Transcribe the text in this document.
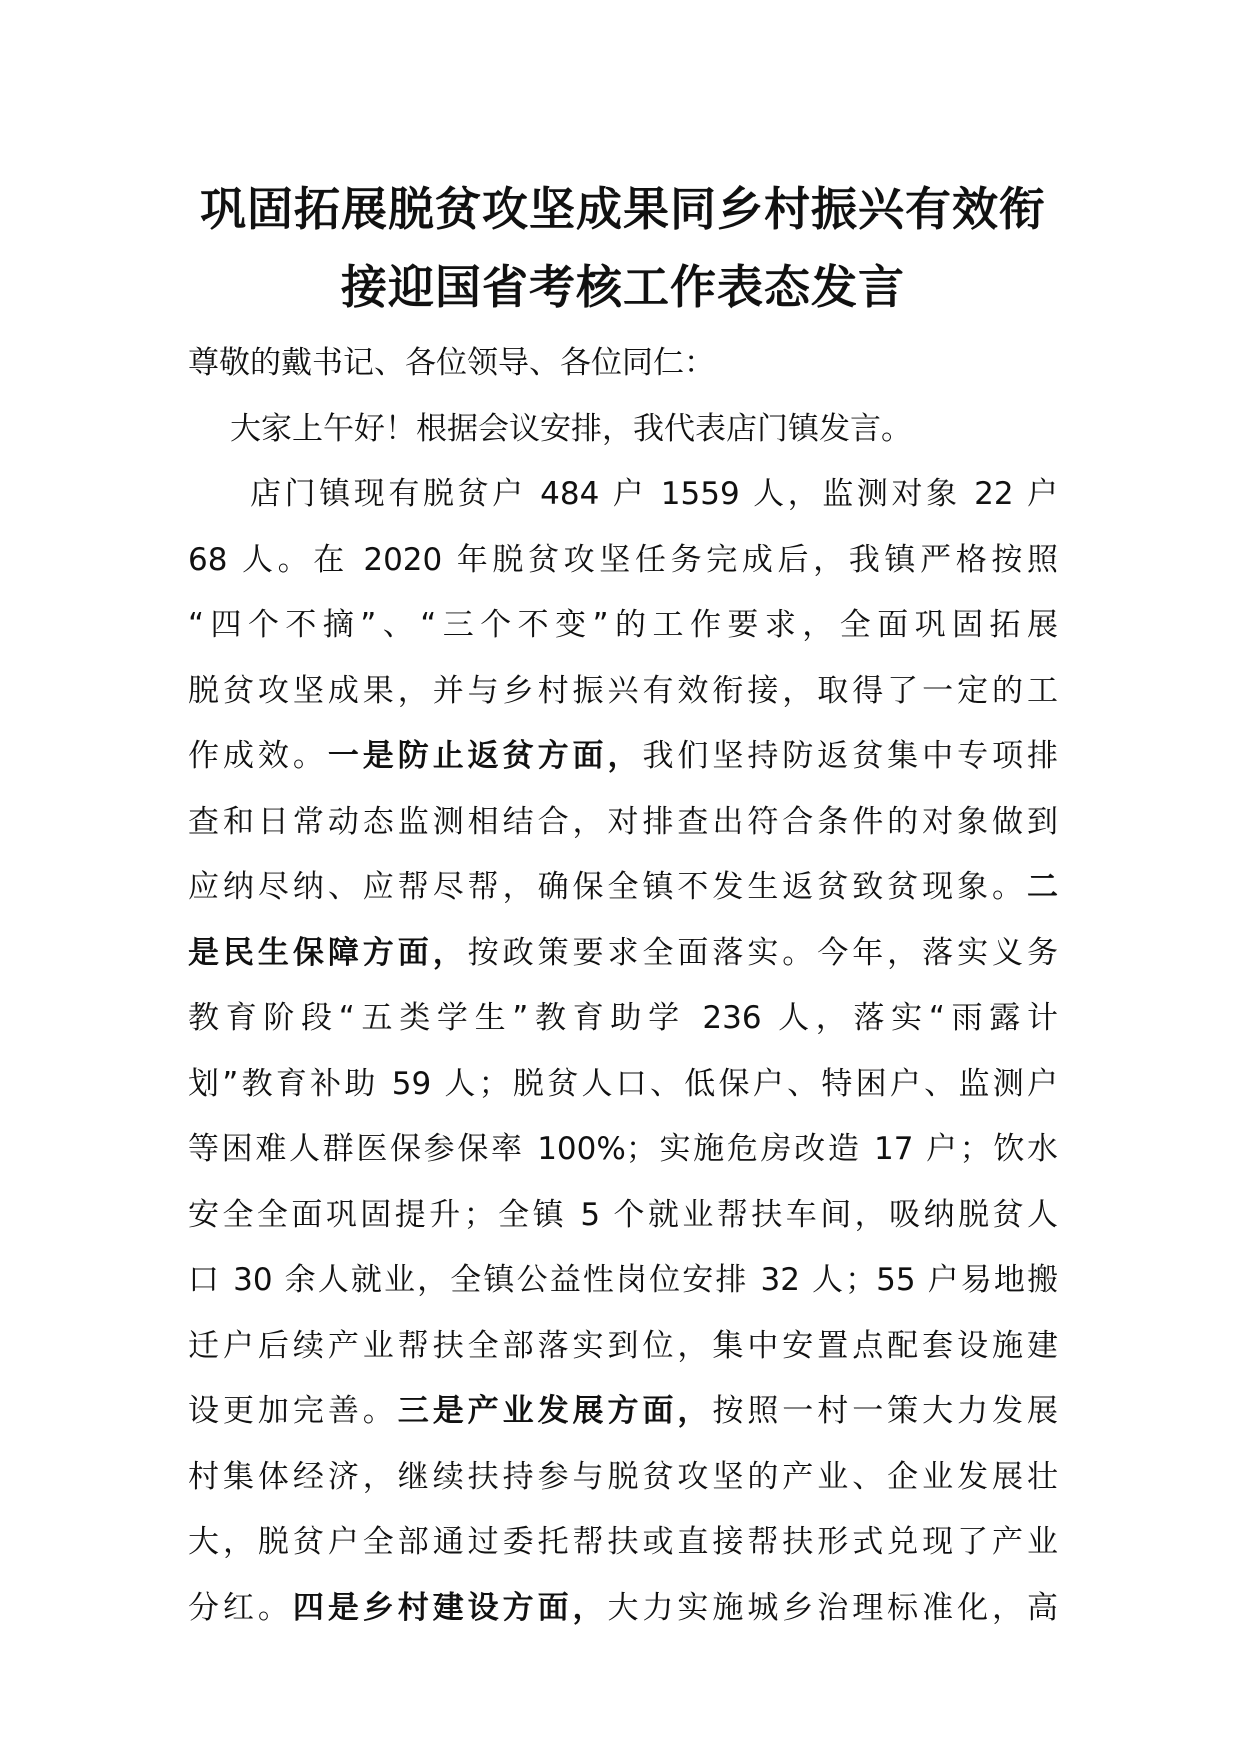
巩固拓展脱贫攻坚成果同乡村振兴有效衔
接迎国省考核工作表态发言

尊敬的戴书记、各位领导、各位同仁：

大家上午好！根据会议安排，我代表店门镇发言。

店门镇现有脱贫户 484 户 1559 人，监测对象 22 户
68 人。在 2020 年脱贫攻坚任务完成后，我镇严格按照
“四个不摘”、“三个不变”的工作要求，全面巩固拓展
脱贫攻坚成果，并与乡村振兴有效衔接，取得了一定的工
作成效。一是防止返贫方面，我们坚持防返贫集中专项排
查和日常动态监测相结合，对排查出符合条件的对象做到
应纳尽纳、应帮尽帮，确保全镇不发生返贫致贫现象。二
是民生保障方面，按政策要求全面落实。今年，落实义务
教育阶段“五类学生”教育助学 236 人，落实“雨露计
划”教育补助 59 人；脱贫人口、低保户、特困户、监测户
等困难人群医保参保率 100%；实施危房改造 17 户；饮水
安全全面巩固提升；全镇 5 个就业帮扶车间，吸纳脱贫人
口 30 余人就业，全镇公益性岗位安排 32 人；55 户易地搬
迁户后续产业帮扶全部落实到位，集中安置点配套设施建
设更加完善。三是产业发展方面，按照一村一策大力发展
村集体经济，继续扶持参与脱贫攻坚的产业、企业发展壮
大，脱贫户全部通过委托帮扶或直接帮扶形式兑现了产业
分红。四是乡村建设方面，大力实施城乡治理标准化，高
